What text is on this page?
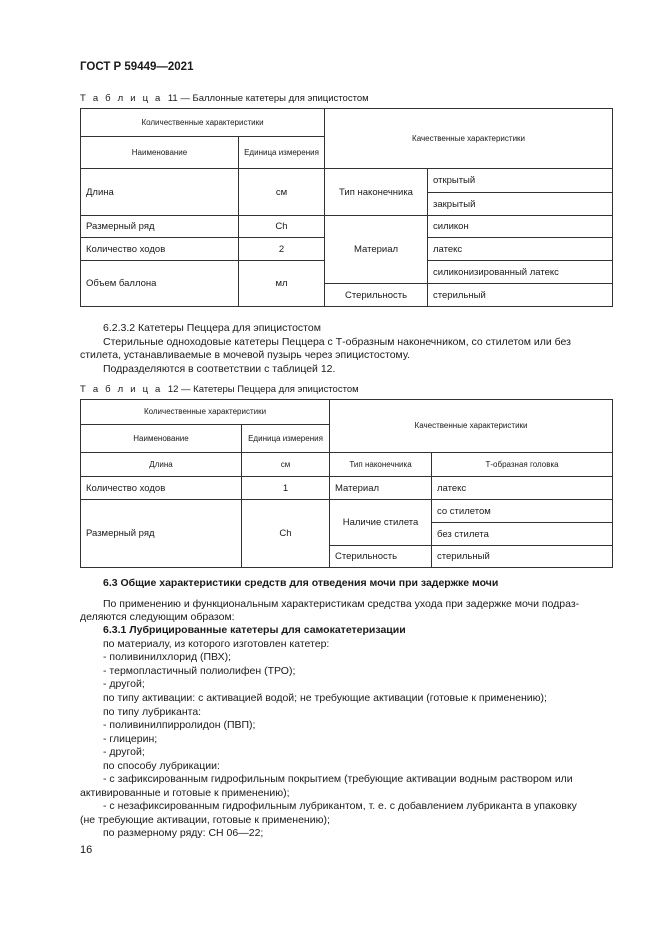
ГОСТ Р 59449—2021
Т а б л и ц а 11 — Баллонные катетеры для эпицистостом
Количественные характеристики		Качественные характеристики	
Наименование	Единица измерения		
Длина	см	Тип наконечника	открытый
			закрытый
Размерный ряд	Ch	Материал	силикон
Количество ходов	2		латекс
Объем баллона	мл		силиконизированный латекс
		Стерильность	стерильный
6.2.3.2 Катетеры Пеццера для эпицистостом
Стерильные одноходовые катетеры Пеццера с Т-образным наконечником, со стилетом или без
стилета, устанавливаемые в мочевой пузырь через эпицистостому.
Подразделяются в соответствии с таблицей 12.
Т а б л и ц а 12 — Катетеры Пеццера для эпицистостом
Количественные характеристики		Качественные характеристики	
Наименование	Единица измерения		
Длина	см	Тип наконечника	Т-образная головка
Количество ходов	1	Материал	латекс
Размерный ряд	Ch	Наличие стилета	со стилетом
			без стилета
		Стерильность	стерильный
6.3 Общие характеристики средств для отведения мочи при задержке мочи
По применению и функциональным характеристикам средства ухода при задержке мочи подраз-
деляются следующим образом:
6.3.1 Лубрицированные катетеры для самокатетеризации
по материалу, из которого изготовлен катетер:
- поливинилхлорид (ПВХ);
- термопластичный полиолифен (ТРО);
- другой;
по типу активации: с активацией водой; не требующие активации (готовые к применению);
по типу лубриканта:
- поливинилпирролидон (ПВП);
- глицерин;
- другой;
по способу лубрикации:
- с зафиксированным гидрофильным покрытием (требующие активации водным раствором или
активированные и готовые к применению);
- с незафиксированным гидрофильным лубрикантом, т. е. с добавлением лубриканта в упаковку
(не требующие активации, готовые к применению);
по размерному ряду: СН 06—22;
16
